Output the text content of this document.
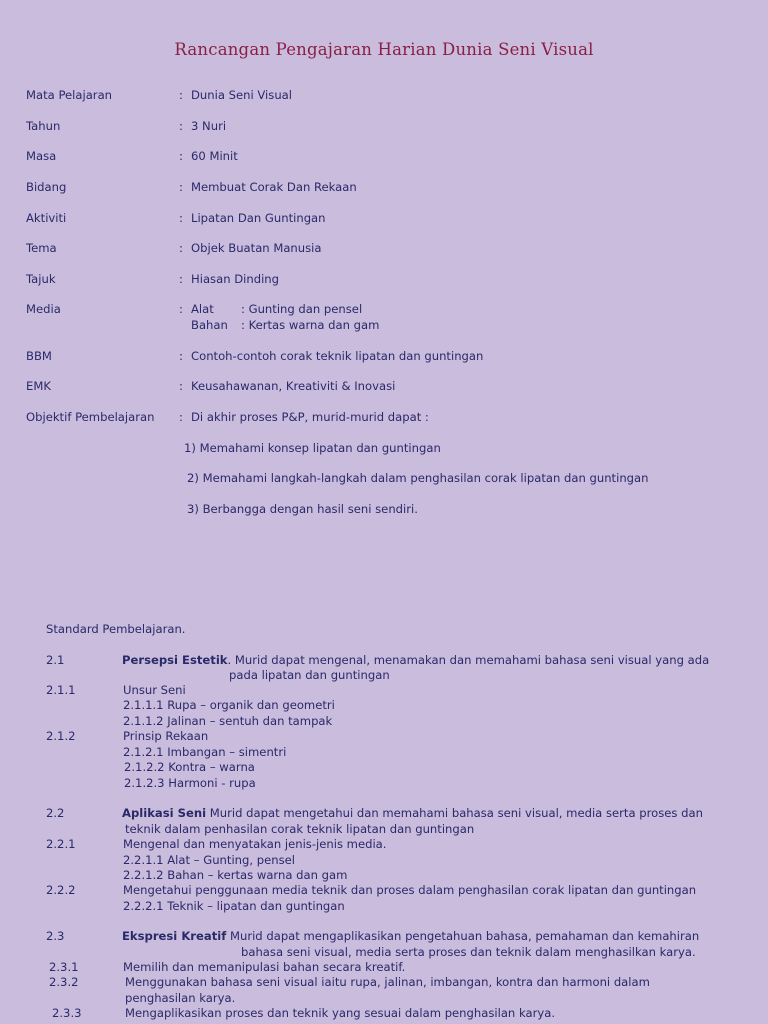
Rancangan Pengajaran Harian Dunia Seni Visual
Mata Pelajaran	: Dunia Seni Visual
Tahun	: 3 Nuri
Masa	: 60 Minit
Bidang	: Membuat Corak Dan Rekaan
Aktiviti	: Lipatan Dan Guntingan
Tema	: Objek Buatan Manusia
Tajuk	: Hiasan Dinding
Media	: Alat : Gunting dan pensel
Bahan : Kertas warna dan gam
BBM	: Contoh-contoh corak teknik lipatan dan guntingan
EMK	: Keusahawanan, Kreativiti & Inovasi
Objektif Pembelajaran : Di akhir proses P&P, murid-murid dapat :
1) Memahami konsep lipatan dan guntingan
2) Memahami langkah-langkah dalam penghasilan corak lipatan dan guntingan
3) Berbangga dengan hasil seni sendiri.
Standard Pembelajaran.
2.1	Persepsi Estetik. Murid dapat mengenal, menamakan dan memahami bahasa seni visual yang ada
pada lipatan dan guntingan
2.1.1	Unsur Seni
2.1.1.1 Rupa – organik dan geometri
2.1.1.2 Jalinan – sentuh dan tampak
2.1.2	Prinsip Rekaan
2.1.2.1 Imbangan – simentri
2.1.2.2 Kontra – warna
2.1.2.3 Harmoni - rupa
2.2	Aplikasi Seni Murid dapat mengetahui dan memahami bahasa seni visual, media serta proses dan
teknik dalam penhasilan corak teknik lipatan dan guntingan
2.2.1	Mengenal dan menyatakan jenis-jenis media.
2.2.1.1 Alat – Gunting, pensel
2.2.1.2 Bahan – kertas warna dan gam
2.2.2	Mengetahui penggunaan media teknik dan proses dalam penghasilan corak lipatan dan guntingan
2.2.2.1 Teknik – lipatan dan guntingan
2.3	Ekspresi Kreatif Murid dapat mengaplikasikan pengetahuan bahasa, pemahaman dan kemahiran
bahasa seni visual, media serta proses dan teknik dalam menghasilkan karya.
2.3.1	Memilih dan memanipulasi bahan secara kreatif.
2.3.2	Menggunakan bahasa seni visual iaitu rupa, jalinan, imbangan, kontra dan harmoni dalam
penghasilan karya.
2.3.3	Mengaplikasikan proses dan teknik yang sesuai dalam penghasilan karya.
